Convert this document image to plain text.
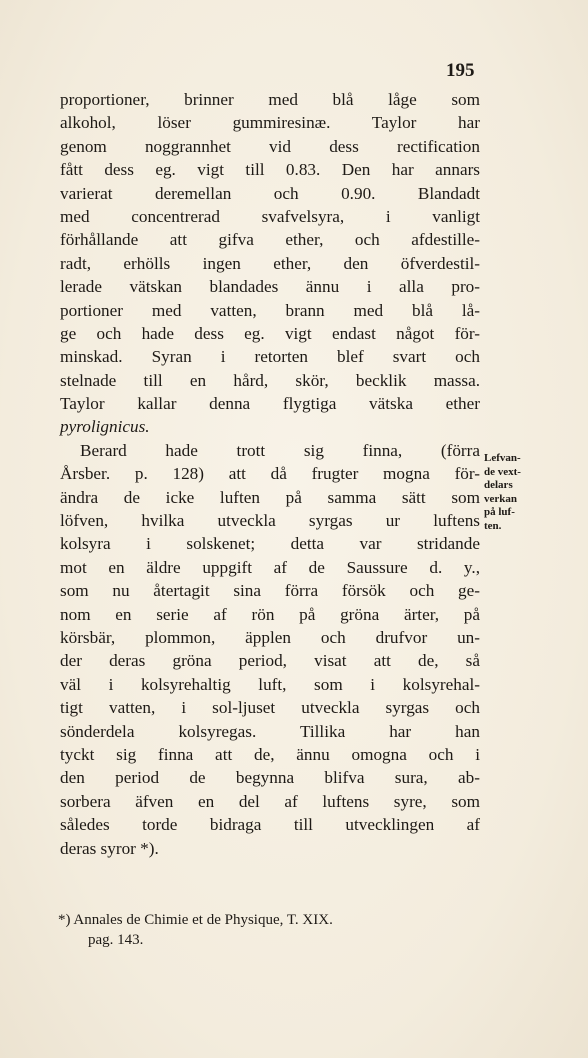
195
proportioner, brinner med blå låge som
alkohol, löser gummiresinæ. Taylor har
genom noggrannhet vid dess rectification
fått dess eg. vigt till 0.83. Den har annars
varierat deremellan och 0.90. Blandadt
med concentrerad svafvelsyra, i vanligt
förhållande att gifva ether, och afdestille-
radt, erhölls ingen ether, den öfverdestil-
lerade vätskan blandades ännu i alla pro-
portioner med vatten, brann med blå lå-
ge och hade dess eg. vigt endast något för-
minskad. Syran i retorten blef svart och
stelnade till en hård, skör, becklik massa.
Taylor kallar denna flygtiga vätska ether
pyrolignicus.
Berard hade trott sig finna, (förra
Årsber. p. 128) att då frugter mogna för-
ändra de icke luften på samma sätt som
löfven, hvilka utveckla syrgas ur luftens
kolsyra i solskenet; detta var stridande
mot en äldre uppgift af de Saussure d. y.,
som nu återtagit sina förra försök och ge-
nom en serie af rön på gröna ärter, på
körsbär, plommon, äpplen och drufvor un-
der deras gröna period, visat att de, så
väl i kolsyrehaltig luft, som i kolsyrehal-
tigt vatten, i sol-ljuset utveckla syrgas och
sönderdela kolsyregas. Tillika har han
tyckt sig finna att de, ännu omogna och i
den period de begynna blifva sura, ab-
sorbera äfven en del af luftens syre, som
således torde bidraga till utvecklingen af
deras syror *).
Lefvan-
de vext-
delars
verkan
på luf-
ten.
*) Annales de Chimie et de Physique, T. XIX.
pag. 143.
